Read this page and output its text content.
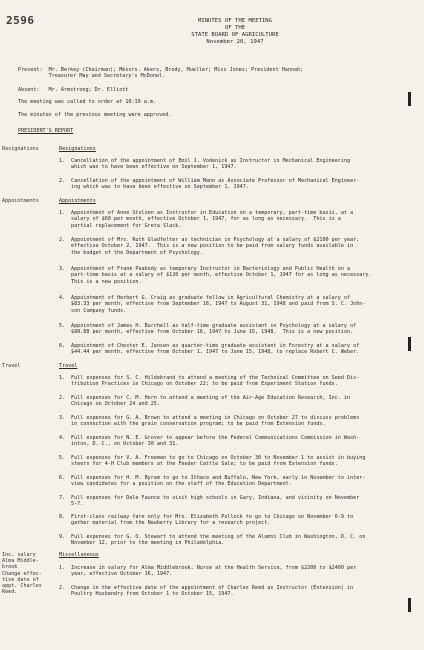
2596	MINUTES OF THE MEETING
OF THE
STATE BOARD OF AGRICULTURE
November 20, 1947
Present:  Mr. Berkey (Chairman); Messrs. Akers, Brody, Mueller; Miss Jones; President Hannah;
Treasurer May and Secretary's McDonel.
Absent:   Mr. Armstrong; Dr. Elliott
The meeting was called to order at 10:10 a.m.
The minutes of the previous meeting were approved.
PRESIDENT'S REPORT
Resignations
Appointments
Travel
Inc. salary
Alma Middle-
brook
Change effec-
tive date of
appt. Charles
Reed.
Resignations
Appointments
Travel
Miscellaneous
1. Cancellation of the appointment of Emil J. Vodenick as Instructor in Mechanical Engineering
which was to have been effective on September 1, 1947.
2. Cancellation of the appointment of William Mann as Associate Professor of Mechanical Engineer-
ing which was to have been effective on September 1, 1947.
1. Appointment of Anne Stolzen as Instructor in Education on a temporary, part-time basis, at a
salary of $60 per month, effective October 1, 1947, for as long as necessary.  This is a
partial replacement for Greta Slack.
2. Appointment of Mrs. Ruth Gladfelter as technician in Psychology at a salary of $2100 per year,
effective October 2, 1947.  This is a new position to be paid from salary funds available in
the budget of the Department of Psychology.
3. Appointment of Frank Peabody as temporary Instructor in Bacteriology and Public Health on a
part-time basis at a salary of $120 per month, effective October 1, 1947 for as long as necessary.
This is a new position.
4. Appointment of Herbert G. Craig as graduate fellow in Agricultural Chemistry at a salary of
$83.33 per month, effective from September 16, 1947 to August 31, 1948 and paid from S. C. John-
son Company funds.
5. Appointment of James H. Burchell as half-time graduate assistant in Psychology at a salary of
$88.88 per month, effective from October 16, 1947 to June 15, 1948.  This is a new position.
6. Appointment of Chester E. Jensen as quarter-time graduate assistant in Forestry at a salary of
$44.44 per month, effective from October 1, 1947 to June 15, 1948, to replace Robert C. Weber.
1. Full expenses for S. C. Hildebrand to attend a meeting of the Technical Committee on Seed Dis-
tribution Practices in Chicago on October 22; to be paid from Experiment Station funds.
2. Full expenses for C. M. Horn to attend a meeting of the Air-Age Education Research, Inc. in
Chicago on October 24 and 25.
3. Full expenses for G. A. Brown to attend a meeting in Chicago on October 27 to discuss problems
in connection with the grain conservation program; to be paid from Extension funds.
4. Full expenses for N. E. Grover to appear before the Federal Communications Commission in Wash-
inton, D. C., on October 30 and 31.
5. Full expenses for V. A. Freeman to go to Chicago on October 30 to November 1 to assist in buying
steers for 4-H Club members at the Feeder Cattle Sale; to be paid from Extension funds.
6. Full expenses for H. M. Byram to go to Ithaca and Buffalo, New York, early in November to inter-
view candidates for a position on the staff of the Education Department.
7. Full expenses for Dale Faunce to visit high schools in Gary, Indiana, and vicinity on November
5-7.
8. First-class railway fare only for Mrs. Elizabeth Pollock to go to Chicago on November 6-9 to
gather material from the Newberry Library for a research project.
9. Full expenses for G. O. Stewart to attend the meeting of the Alumni Club in Washington, D. C. on
November 12, prior to the meeting in Philadelphia.
1. Increase in salary for Alma Middlebrook, Nurse at the Health Service, from $2200 to $2400 per
year, effective October 16, 1947.
2. Change in the effective date of the appointment of Charles Reed as Instructor (Extension) in
Poultry Husbandry from October 1 to October 15, 1947.
